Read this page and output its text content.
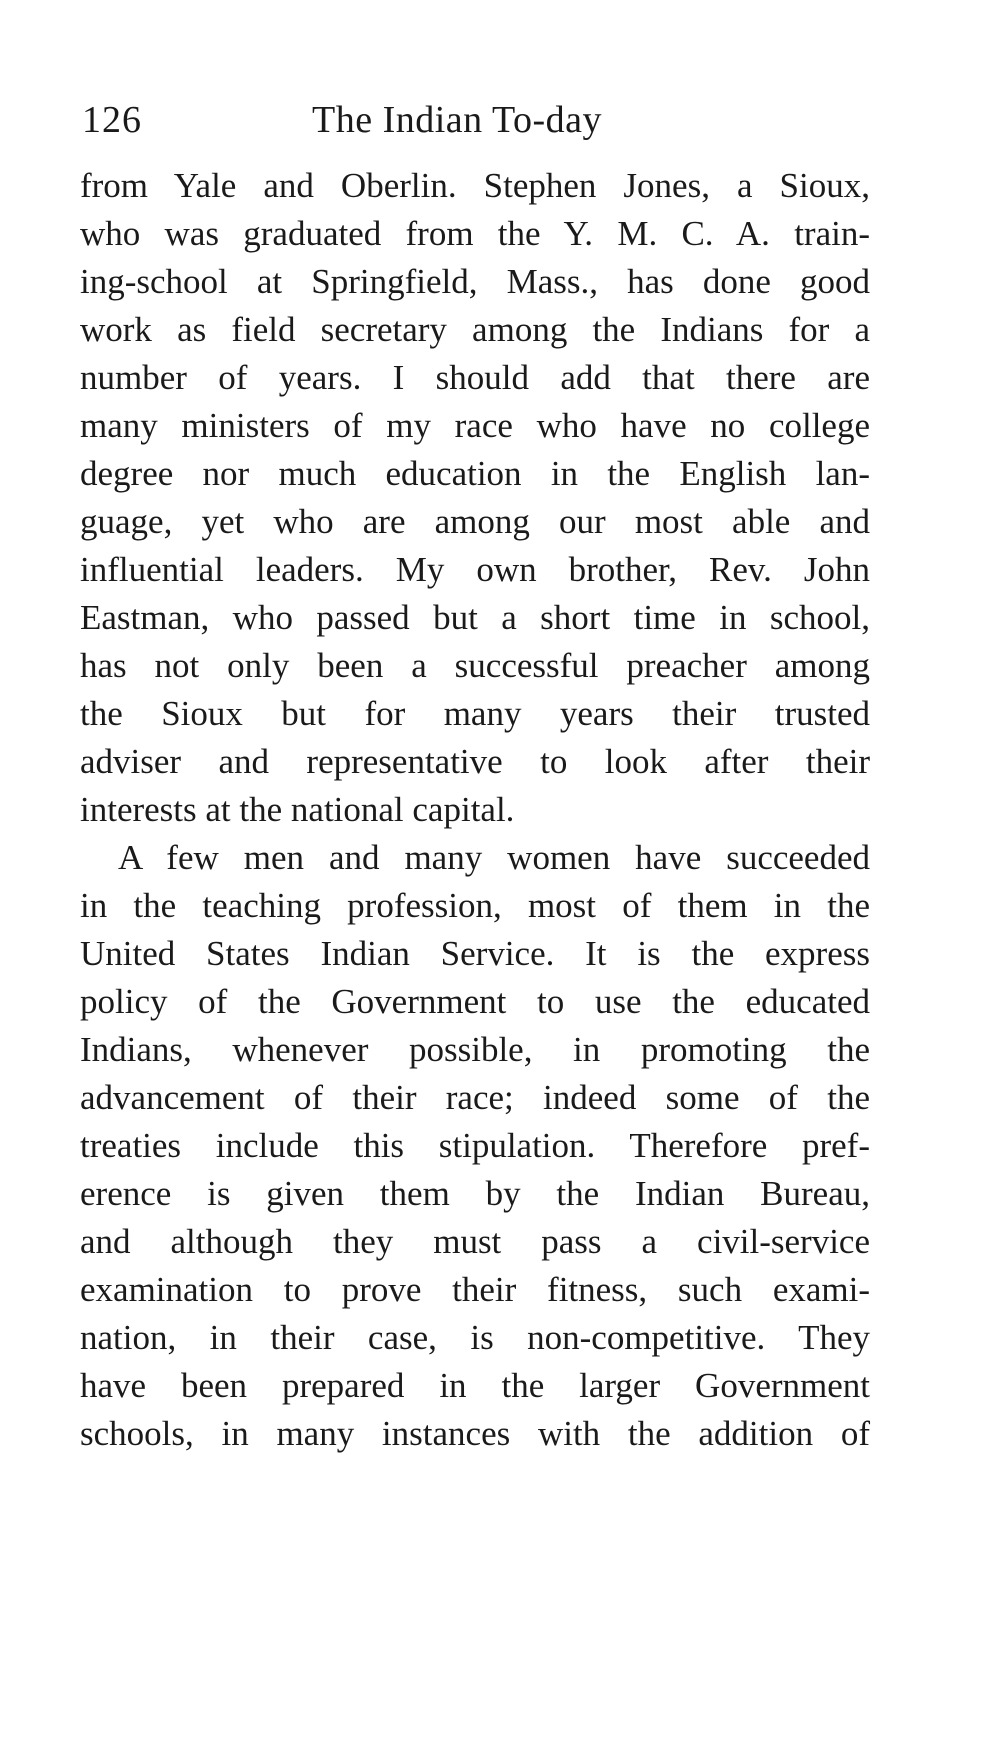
126	The Indian To-day
from Yale and Oberlin. Stephen Jones, a Sioux,
who was graduated from the Y. M. C. A. train-
ing-school at Springfield, Mass., has done good
work as field secretary among the Indians for a
number of years. I should add that there are
many ministers of my race who have no college
degree nor much education in the English lan-
guage, yet who are among our most able and
influential leaders. My own brother, Rev. John
Eastman, who passed but a short time in school,
has not only been a successful preacher among
the Sioux but for many years their trusted
adviser and representative to look after their
interests at the national capital.
A few men and many women have succeeded
in the teaching profession, most of them in the
United States Indian Service. It is the express
policy of the Government to use the educated
Indians, whenever possible, in promoting the
advancement of their race; indeed some of the
treaties include this stipulation. Therefore pref-
erence is given them by the Indian Bureau,
and although they must pass a civil-service
examination to prove their fitness, such exami-
nation, in their case, is non-competitive. They
have been prepared in the larger Government
schools, in many instances with the addition of
